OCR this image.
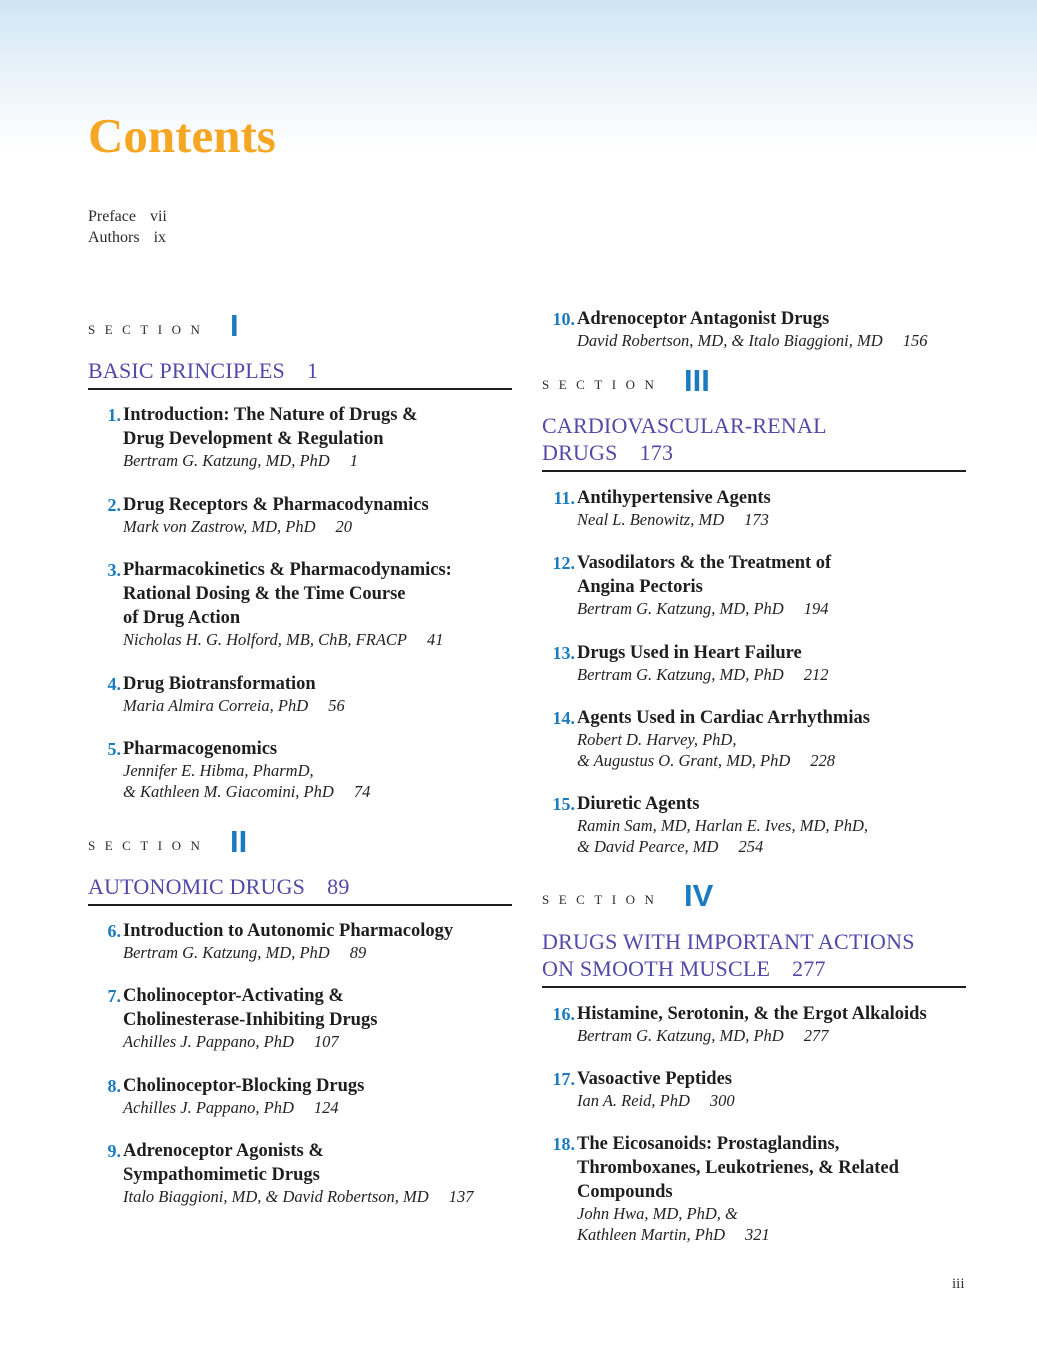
Contents
Preface vii
Authors ix
SECTION I
BASIC PRINCIPLES 1
1. Introduction: The Nature of Drugs &
Drug Development & Regulation
Bertram G. Katzung, MD, PhD 1
2. Drug Receptors & Pharmacodynamics
Mark von Zastrow, MD, PhD 20
3. Pharmacokinetics & Pharmacodynamics:
Rational Dosing & the Time Course
of Drug Action
Nicholas H. G. Holford, MB, ChB, FRACP 41
4. Drug Biotransformation
Maria Almira Correia, PhD 56
5. Pharmacogenomics
Jennifer E. Hibma, PharmD,
& Kathleen M. Giacomini, PhD 74
SECTION II
AUTONOMIC DRUGS 89
6. Introduction to Autonomic Pharmacology
Bertram G. Katzung, MD, PhD 89
7. Cholinoceptor-Activating &
Cholinesterase-Inhibiting Drugs
Achilles J. Pappano, PhD 107
8. Cholinoceptor-Blocking Drugs
Achilles J. Pappano, PhD 124
9. Adrenoceptor Agonists &
Sympathomimetic Drugs
Italo Biaggioni, MD, & David Robertson, MD 137
10. Adrenoceptor Antagonist Drugs
David Robertson, MD, & Italo Biaggioni, MD 156
SECTION III
CARDIOVASCULAR-RENAL
DRUGS 173
11. Antihypertensive Agents
Neal L. Benowitz, MD 173
12. Vasodilators & the Treatment of
Angina Pectoris
Bertram G. Katzung, MD, PhD 194
13. Drugs Used in Heart Failure
Bertram G. Katzung, MD, PhD 212
14. Agents Used in Cardiac Arrhythmias
Robert D. Harvey, PhD,
& Augustus O. Grant, MD, PhD 228
15. Diuretic Agents
Ramin Sam, MD, Harlan E. Ives, MD, PhD,
& David Pearce, MD 254
SECTION IV
DRUGS WITH IMPORTANT ACTIONS
ON SMOOTH MUSCLE 277
16. Histamine, Serotonin, & the Ergot Alkaloids
Bertram G. Katzung, MD, PhD 277
17. Vasoactive Peptides
Ian A. Reid, PhD 300
18. The Eicosanoids: Prostaglandins,
Thromboxanes, Leukotrienes, & Related
Compounds
John Hwa, MD, PhD, &
Kathleen Martin, PhD 321
iii
